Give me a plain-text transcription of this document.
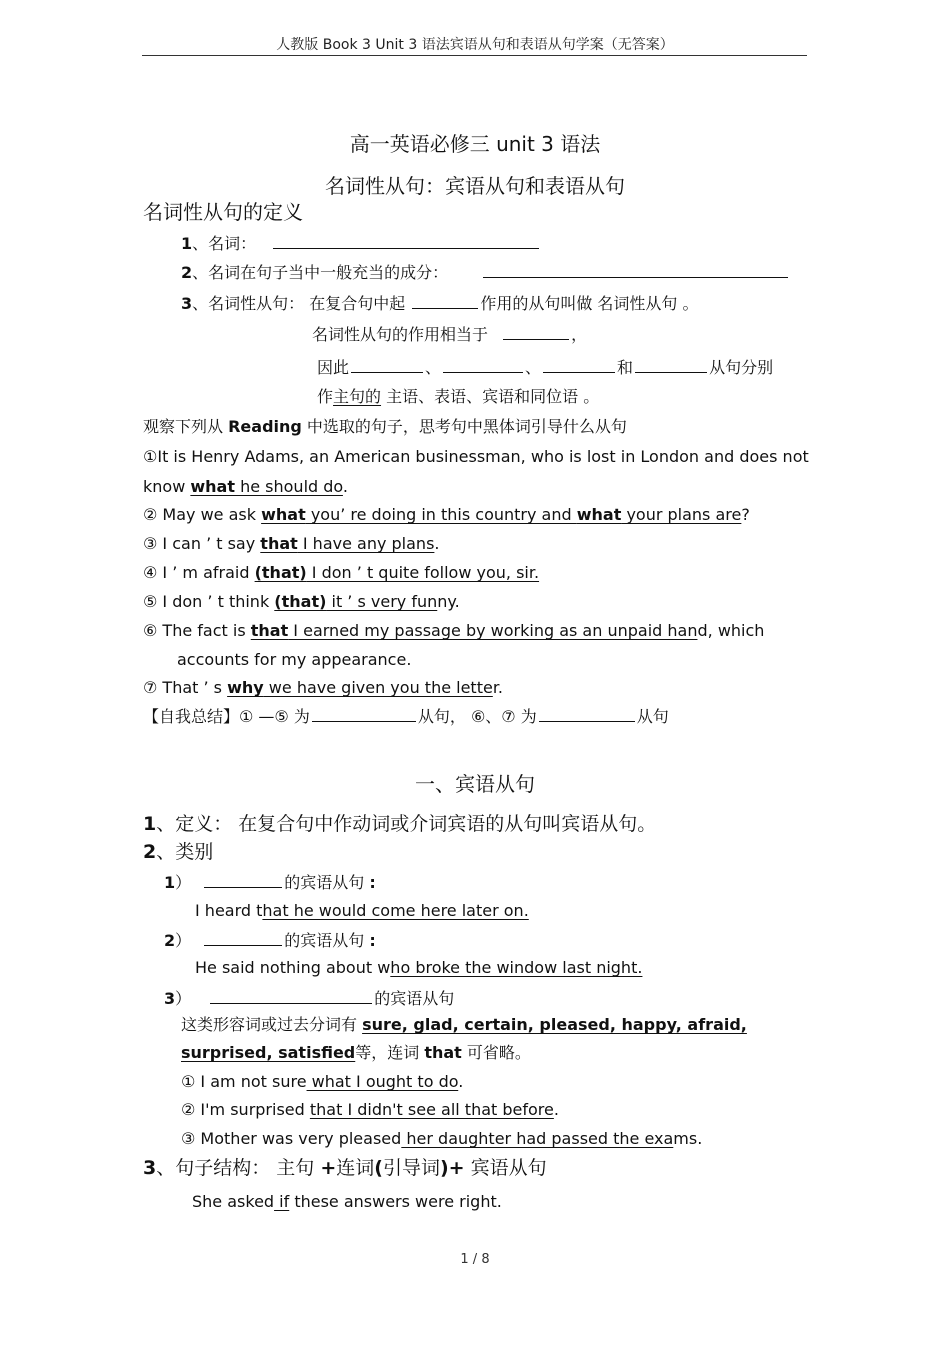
人教版 Book 3 Unit 3 语法宾语从句和表语从句学案（无答案）
高一英语必修三 unit 3 语法
名词性从句：宾语从句和表语从句
名词性从句的定义
1、名词：
2、名词在句子当中一般充当的成分：
3、名词性从句： 在复合句中起	作用的从句叫做 名词性从句 。
名词性从句的作用相当于	，
因此	、	、	和	从句分别
作主句的 主语、表语、宾语和同位语 。
观察下列从 Reading 中选取的句子，思考句中黑体词引导什么从句
①It is Henry Adams, an American businessman, who is lost in London and does not
know what he should do.
② May we ask what you’ re doing in this country and what your plans are?
③ I can ’ t say that I have any plans.
④ I ’ m afraid (that) I don ’ t quite follow you, sir.
⑤ I don ’ t think (that) it ’ s very funny.
⑥ The fact is that I earned my passage by working as an unpaid hand, which
accounts for my appearance.
⑦ That ’ s why we have given you the letter.
【自我总结】① —⑤ 为	从句， ⑥、⑦ 为	从句
一、宾语从句
1、定义： 在复合句中作动词或介词宾语的从句叫宾语从句。
2、类别
1）	的宾语从句 :
I heard that he would come here later on.
2）	的宾语从句 :
He said nothing about who broke the window last night.
3）	的宾语从句
这类形容词或过去分词有 sure, glad, certain, pleased, happy, afraid,
surprised, satisfied等，连词 that 可省略。
① I am not sure what I ought to do.
② I'm surprised that I didn't see all that before.
③ Mother was very pleased her daughter had passed the exams.
3、句子结构： 主句 +连词(引导词)+ 宾语从句
She asked if these answers were right.
1 / 8
